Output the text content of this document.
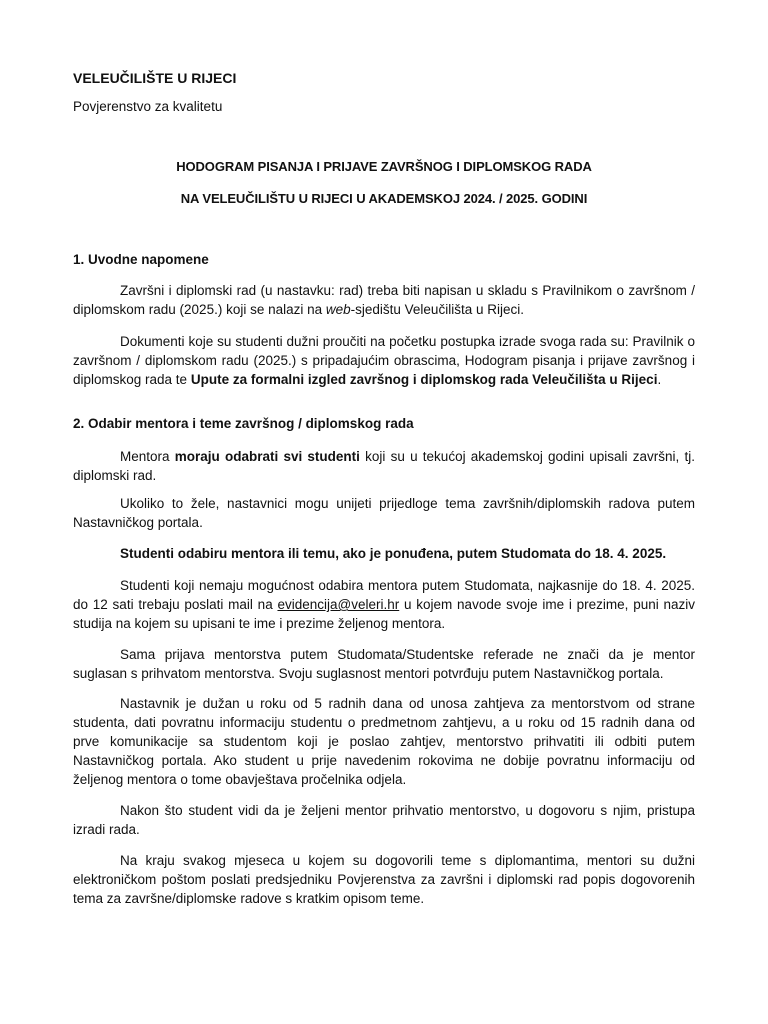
VELEUČILIŠTE U RIJECI
Povjerenstvo za kvalitetu
HODOGRAM PISANJA I PRIJAVE ZAVRŠNOG I DIPLOMSKOG RADA
NA VELEUČILIŠTU U RIJECI U AKADEMSKOJ 2024. / 2025. GODINI
1. Uvodne napomene
Završni i diplomski rad (u nastavku: rad) treba biti napisan u skladu s Pravilnikom o završnom / diplomskom radu (2025.) koji se nalazi na web-sjedištu Veleučilišta u Rijeci.
Dokumenti koje su studenti dužni proučiti na početku postupka izrade svoga rada su: Pravilnik o završnom / diplomskom radu (2025.) s pripadajućim obrascima, Hodogram pisanja i prijave završnog i diplomskog rada te Upute za formalni izgled završnog i diplomskog rada Veleučilišta u Rijeci.
2. Odabir mentora i teme završnog / diplomskog rada
Mentora moraju odabrati svi studenti koji su u tekućoj akademskoj godini upisali završni, tj. diplomski rad.
Ukoliko to žele, nastavnici mogu unijeti prijedloge tema završnih/diplomskih radova putem Nastavničkog portala.
Studenti odabiru mentora ili temu, ako je ponuđena, putem Studomata do 18. 4. 2025.
Studenti koji nemaju mogućnost odabira mentora putem Studomata, najkasnije do 18. 4. 2025. do 12 sati trebaju poslati mail na evidencija@veleri.hr u kojem navode svoje ime i prezime, puni naziv studija na kojem su upisani te ime i prezime željenog mentora.
Sama prijava mentorstva putem Studomata/Studentske referade ne znači da je mentor suglasan s prihvatom mentorstva. Svoju suglasnost mentori potvrđuju putem Nastavničkog portala.
Nastavnik je dužan u roku od 5 radnih dana od unosa zahtjeva za mentorstvom od strane studenta, dati povratnu informaciju studentu o predmetnom zahtjevu, a u roku od 15 radnih dana od prve komunikacije sa studentom koji je poslao zahtjev, mentorstvo prihvatiti ili odbiti putem Nastavničkog portala. Ako student u prije navedenim rokovima ne dobije povratnu informaciju od željenog mentora o tome obavještava pročelnika odjela.
Nakon što student vidi da je željeni mentor prihvatio mentorstvo, u dogovoru s njim, pristupa izradi rada.
Na kraju svakog mjeseca u kojem su dogovorili teme s diplomantima, mentori su dužni elektroničkom poštom poslati predsjedniku Povjerenstva za završni i diplomski rad popis dogovorenih tema za završne/diplomske radove s kratkim opisom teme.
